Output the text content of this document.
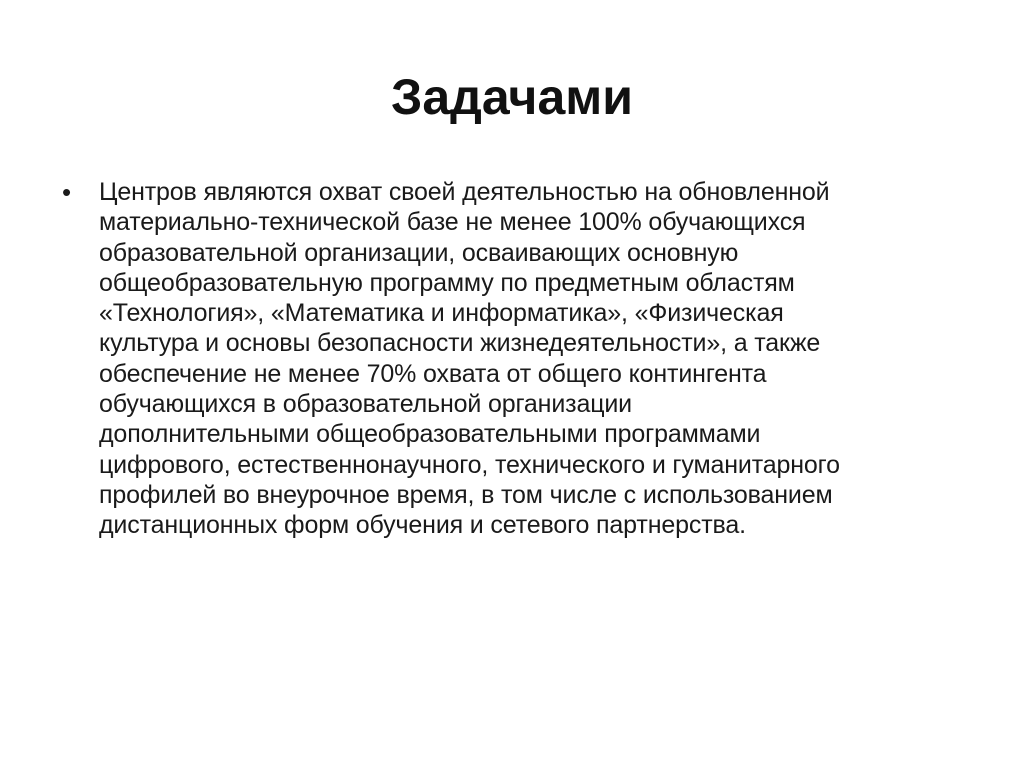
Задачами
• Центров являются охват своей деятельностью на обновленной
материально-технической базе не менее 100% обучающихся
образовательной организации, осваивающих основную
общеобразовательную программу по предметным областям
«Технология», «Математика и информатика», «Физическая
культура и основы безопасности жизнедеятельности», а также
обеспечение не менее 70% охвата от общего контингента
обучающихся в образовательной организации
дополнительными общеобразовательными программами
цифрового, естественнонаучного, технического и гуманитарного
профилей во внеурочное время, в том числе с использованием
дистанционных форм обучения и сетевого партнерства.
